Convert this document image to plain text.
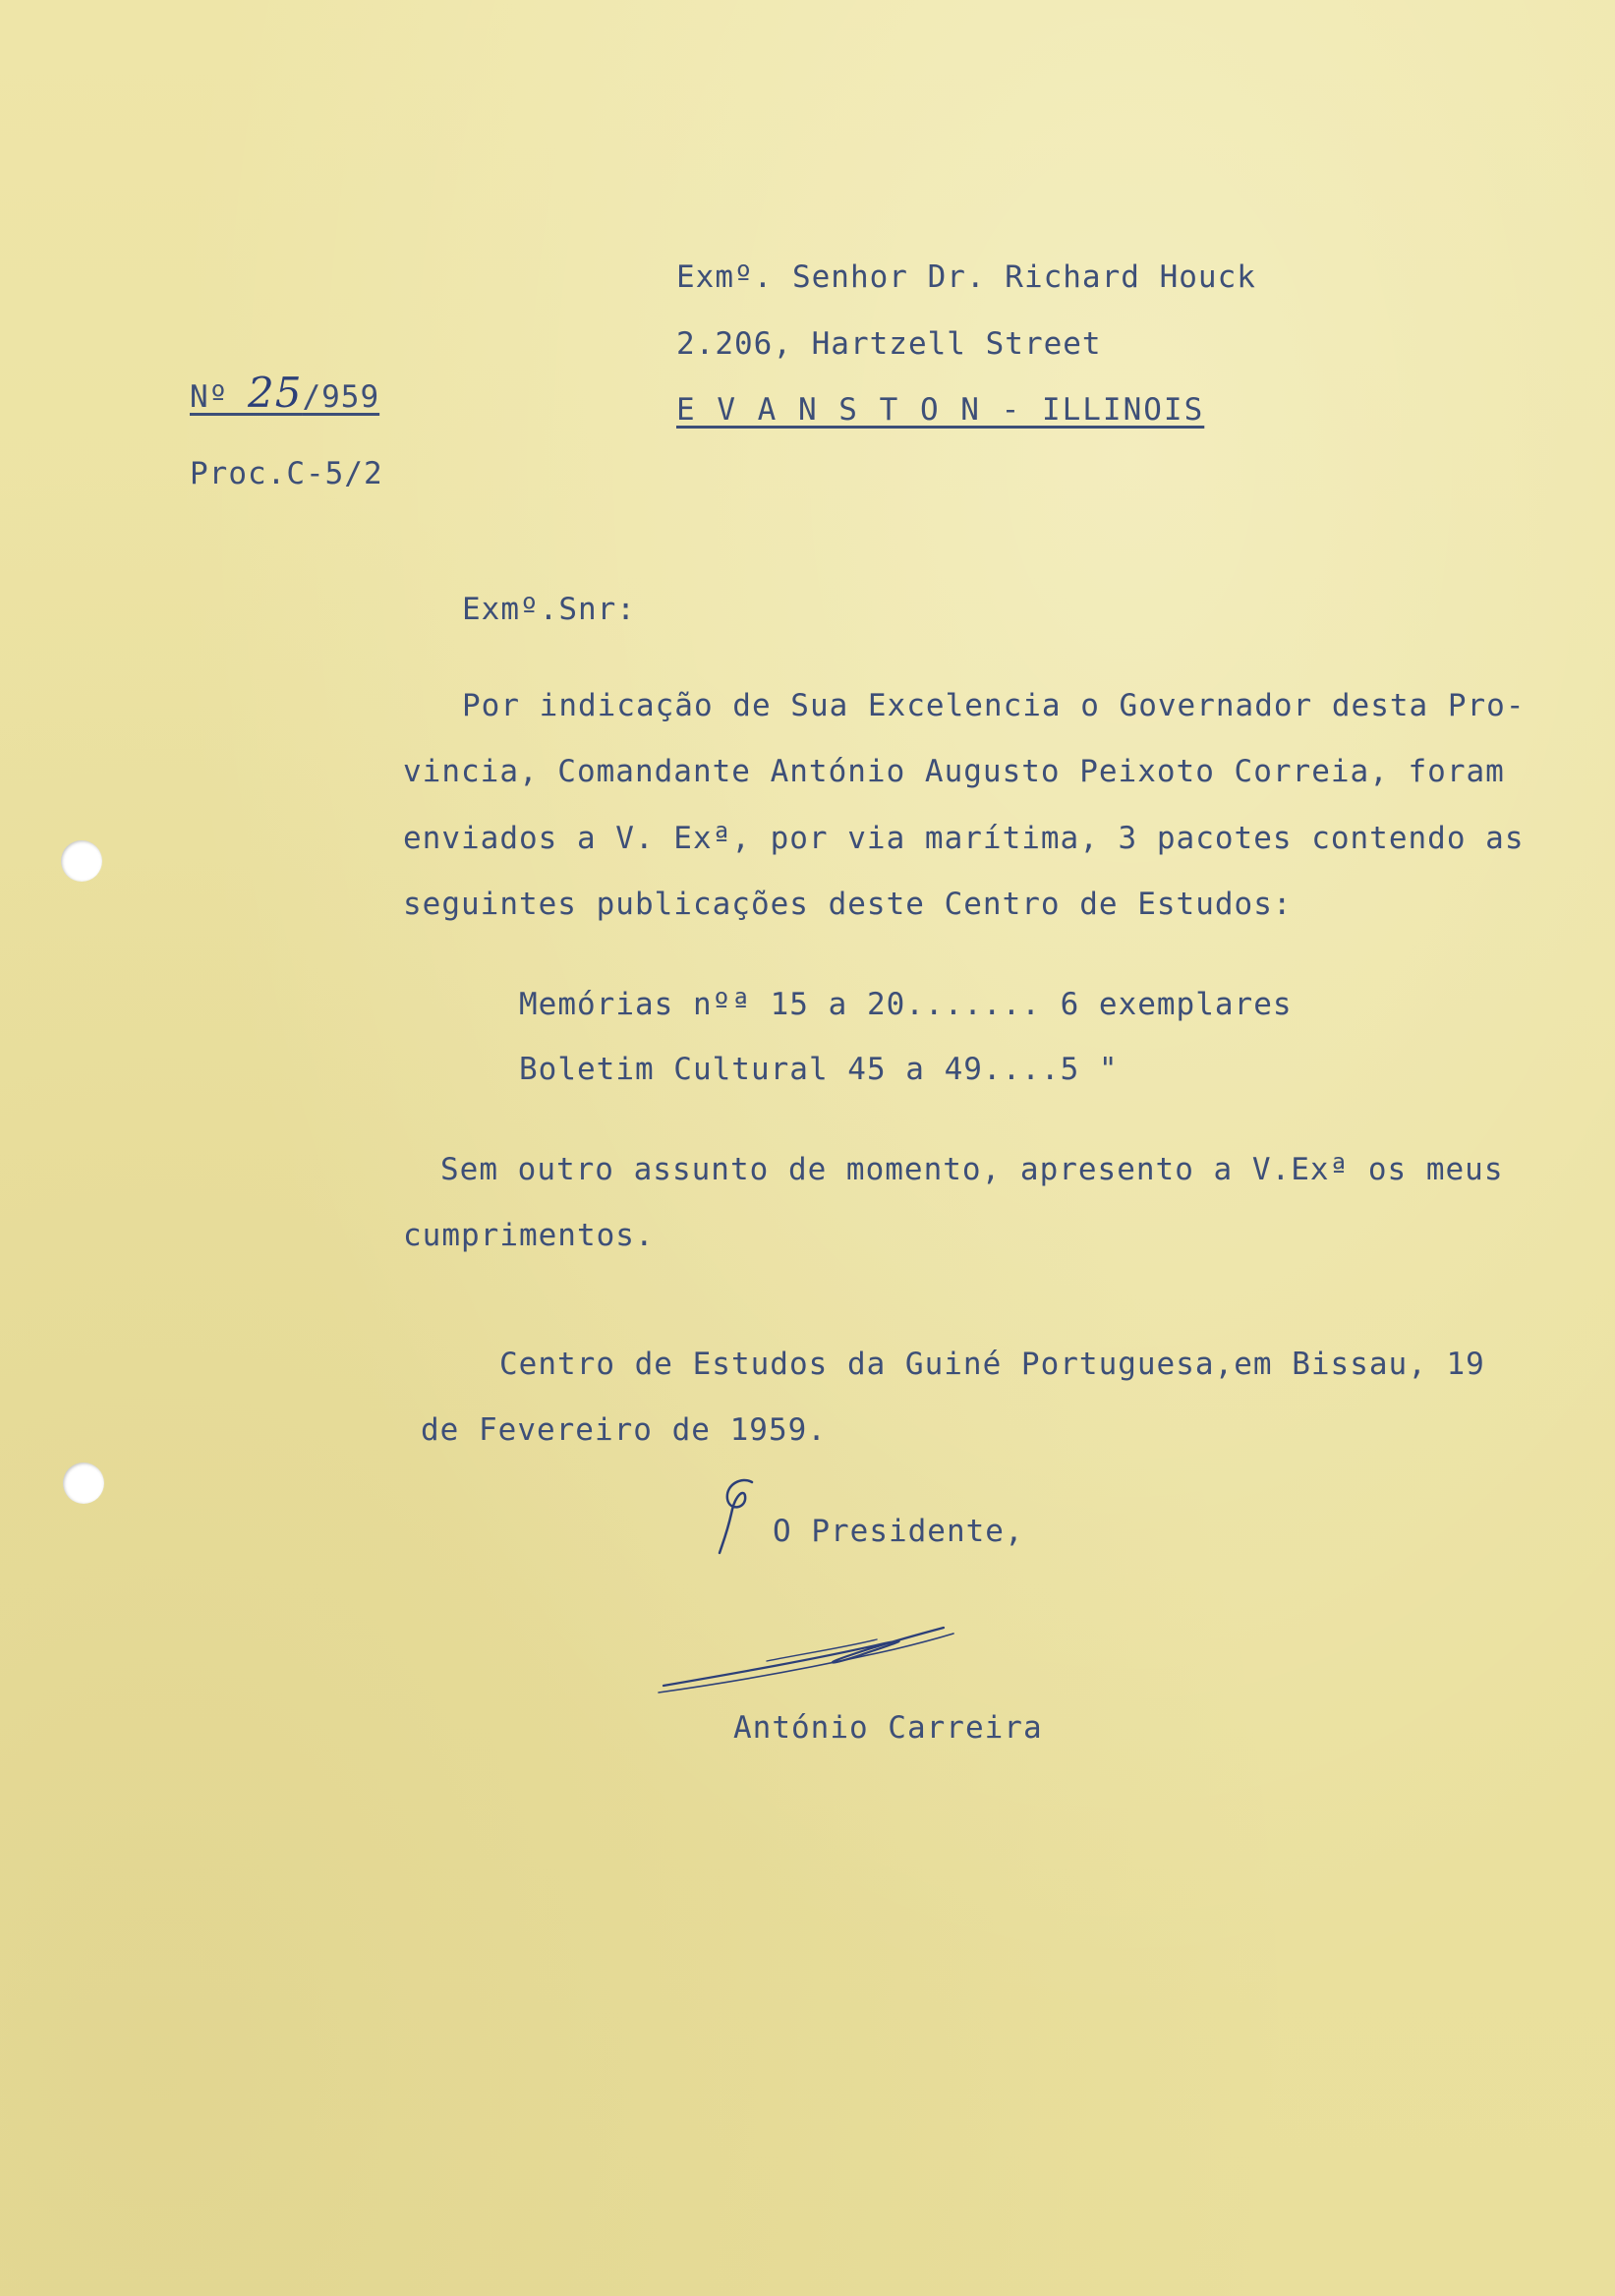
Exmº. Senhor Dr. Richard Houck
2.206, Hartzell Street
E V A N S T O N - ILLINOIS
Nº 25/959
Proc.C-5/2
Exmº.Snr:
Por indicação de Sua Excelencia o Governador desta Pro-
vincia, Comandante António Augusto Peixoto Correia, foram
enviados a V. Exª, por via marítima, 3 pacotes contendo as
seguintes publicações deste Centro de Estudos:
Memórias nºª 15 a 20....... 6 exemplares
Boletim Cultural 45 a 49....5 "
Sem outro assunto de momento, apresento a V.Exª os meus
cumprimentos.
Centro de Estudos da Guiné Portuguesa,em Bissau, 19
de Fevereiro de 1959.
O Presidente,
António Carreira
